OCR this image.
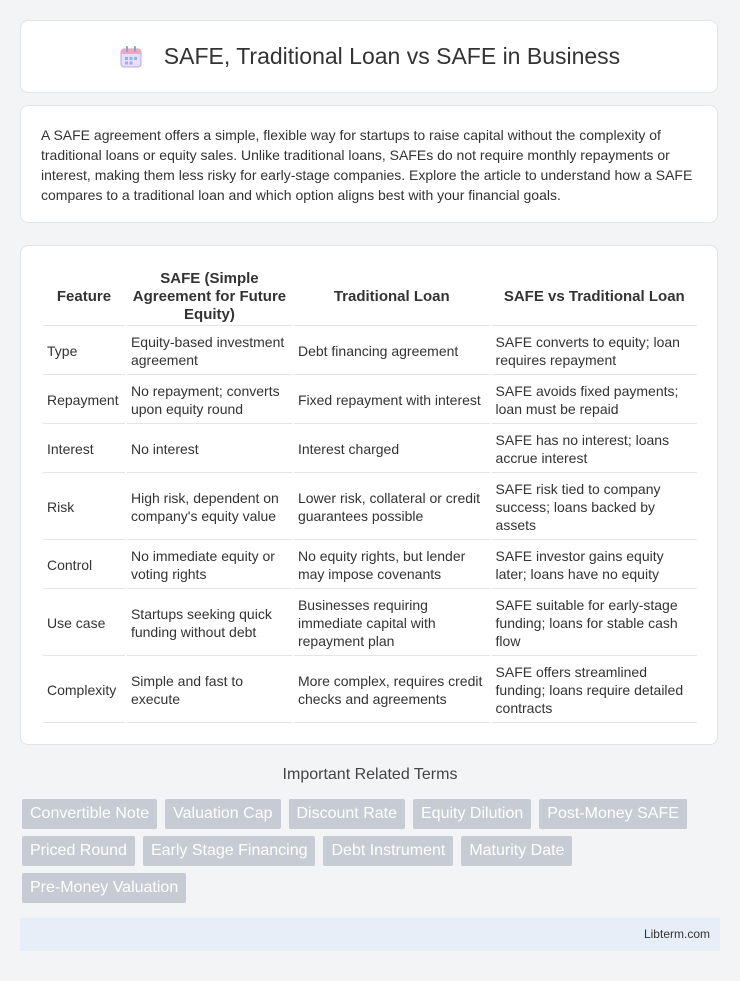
SAFE, Traditional Loan vs SAFE in Business

A SAFE agreement offers a simple, flexible way for startups to raise capital without the complexity of traditional loans or equity sales. Unlike traditional loans, SAFEs do not require monthly repayments or interest, making them less risky for early-stage companies. Explore the article to understand how a SAFE compares to a traditional loan and which option aligns best with your financial goals.

Feature	SAFE (Simple Agreement for Future Equity)	Traditional Loan	SAFE vs Traditional Loan
Type	Equity-based investment agreement	Debt financing agreement	SAFE converts to equity; loan requires repayment
Repayment	No repayment; converts upon equity round	Fixed repayment with interest	SAFE avoids fixed payments; loan must be repaid
Interest	No interest	Interest charged	SAFE has no interest; loans accrue interest
Risk	High risk, dependent on company's equity value	Lower risk, collateral or credit guarantees possible	SAFE risk tied to company success; loans backed by assets
Control	No immediate equity or voting rights	No equity rights, but lender may impose covenants	SAFE investor gains equity later; loans have no equity
Use case	Startups seeking quick funding without debt	Businesses requiring immediate capital with repayment plan	SAFE suitable for early-stage funding; loans for stable cash flow
Complexity	Simple and fast to execute	More complex, requires credit checks and agreements	SAFE offers streamlined funding; loans require detailed contracts
Important Related Terms
Convertible Note	Valuation Cap	Discount Rate	Equity Dilution	Post-Money SAFE
Priced Round	Early Stage Financing	Debt Instrument	Maturity Date
Pre-Money Valuation
Libterm.com
